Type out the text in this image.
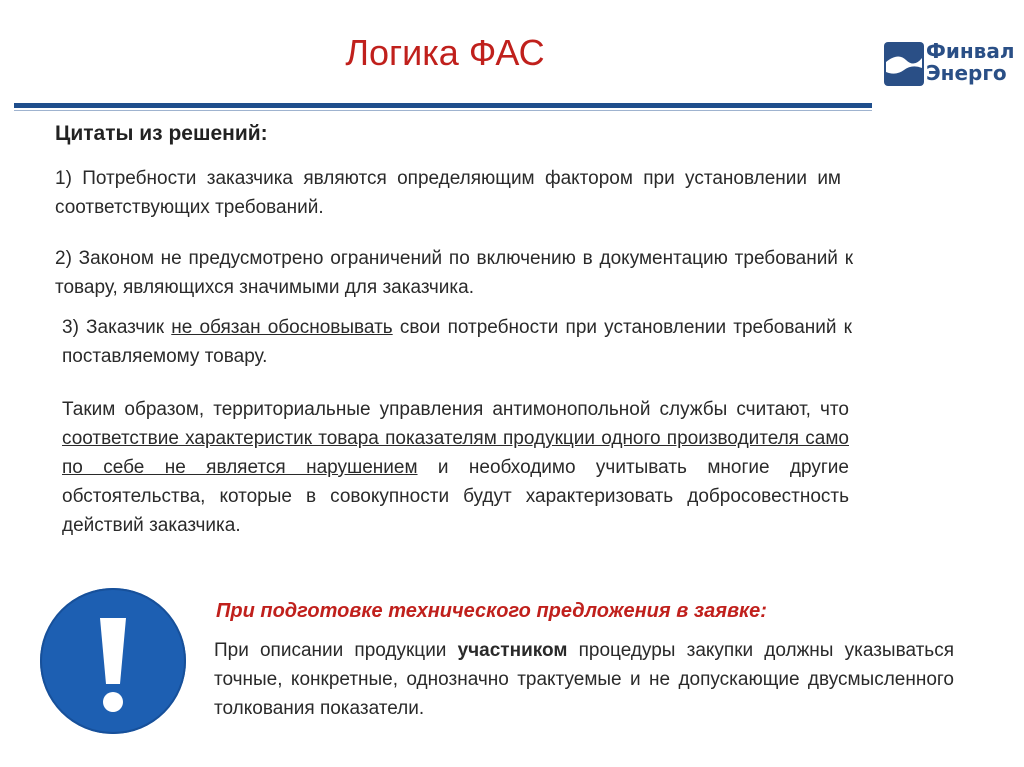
Логика ФАС	Финвал
Энерго
Цитаты из решений:

1) Потребности заказчика являются определяющим фактором при установлении им соответствующих требований.

2) Законом не предусмотрено ограничений по включению в документацию требований к товару, являющихся значимыми для заказчика.

3) Заказчик не обязан обосновывать свои потребности при установлении требований к поставляемому товару.

Таким образом, территориальные управления антимонопольной службы считают, что соответствие характеристик товара показателям продукции одного производителя само по себе не является нарушением и необходимо учитывать многие другие обстоятельства, которые в совокупности будут характеризовать добросовестность действий заказчика.

При подготовке технического предложения в заявке:

При описании продукции участником процедуры закупки должны указываться точные, конкретные, однозначно трактуемые и не допускающие двусмысленного толкования показатели.
